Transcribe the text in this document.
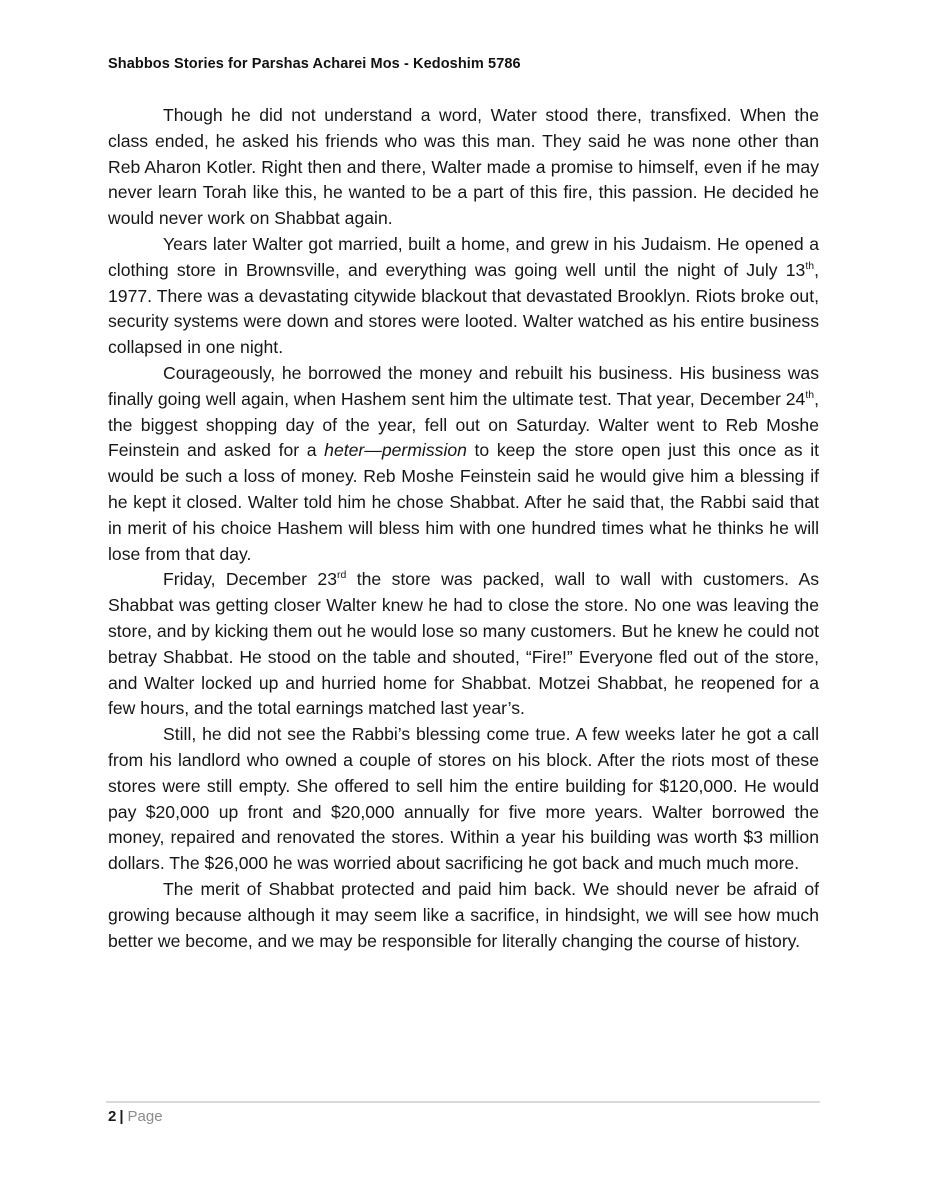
Shabbos Stories for Parshas Acharei Mos - Kedoshim 5786

Though he did not understand a word, Water stood there, transfixed. When the class ended, he asked his friends who was this man. They said he was none other than Reb Aharon Kotler. Right then and there, Walter made a promise to himself, even if he may never learn Torah like this, he wanted to be a part of this fire, this passion. He decided he would never work on Shabbat again.

Years later Walter got married, built a home, and grew in his Judaism. He opened a clothing store in Brownsville, and everything was going well until the night of July 13th, 1977. There was a devastating citywide blackout that devastated Brooklyn. Riots broke out, security systems were down and stores were looted. Walter watched as his entire business collapsed in one night.

Courageously, he borrowed the money and rebuilt his business. His business was finally going well again, when Hashem sent him the ultimate test. That year, December 24th, the biggest shopping day of the year, fell out on Saturday. Walter went to Reb Moshe Feinstein and asked for a heter—permission to keep the store open just this once as it would be such a loss of money. Reb Moshe Feinstein said he would give him a blessing if he kept it closed. Walter told him he chose Shabbat. After he said that, the Rabbi said that in merit of his choice Hashem will bless him with one hundred times what he thinks he will lose from that day.

Friday, December 23rd the store was packed, wall to wall with customers. As Shabbat was getting closer Walter knew he had to close the store. No one was leaving the store, and by kicking them out he would lose so many customers. But he knew he could not betray Shabbat. He stood on the table and shouted, “Fire!” Everyone fled out of the store, and Walter locked up and hurried home for Shabbat. Motzei Shabbat, he reopened for a few hours, and the total earnings matched last year’s.

Still, he did not see the Rabbi’s blessing come true. A few weeks later he got a call from his landlord who owned a couple of stores on his block. After the riots most of these stores were still empty. She offered to sell him the entire building for $120,000. He would pay $20,000 up front and $20,000 annually for five more years. Walter borrowed the money, repaired and renovated the stores. Within a year his building was worth $3 million dollars. The $26,000 he was worried about sacrificing he got back and much much more.

The merit of Shabbat protected and paid him back. We should never be afraid of growing because although it may seem like a sacrifice, in hindsight, we will see how much better we become, and we may be responsible for literally changing the course of history.

2 | Page
